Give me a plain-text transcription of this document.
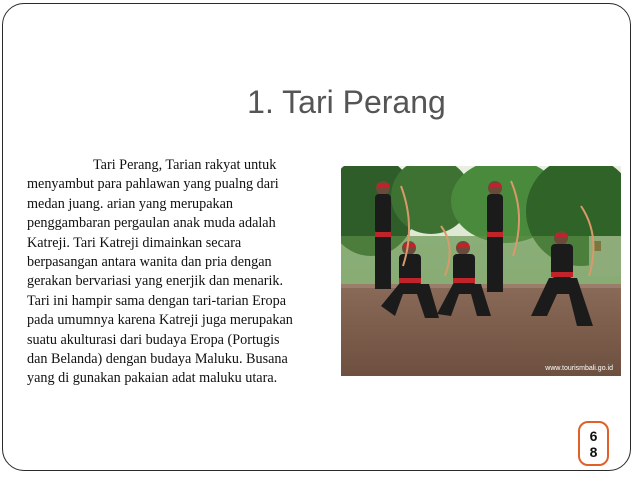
1. Tari Perang

Tari Perang, Tarian rakyat untuk

menyambut para pahlawan yang pualng dari

medan juang. arian yang merupakan

penggambaran pergaulan anak muda adalah

Katreji. Tari Katreji dimainkan secara

berpasangan antara wanita dan pria dengan

gerakan bervariasi yang enerjik dan menarik.

Tari ini hampir sama dengan tari-tarian Eropa

pada umumnya karena Katreji juga merupakan

suatu akulturasi dari budaya Eropa (Portugis

dan Belanda) dengan budaya Maluku. Busana

yang di gunakan pakaian adat maluku utara.

www.tourismbali.go.id
6
8
